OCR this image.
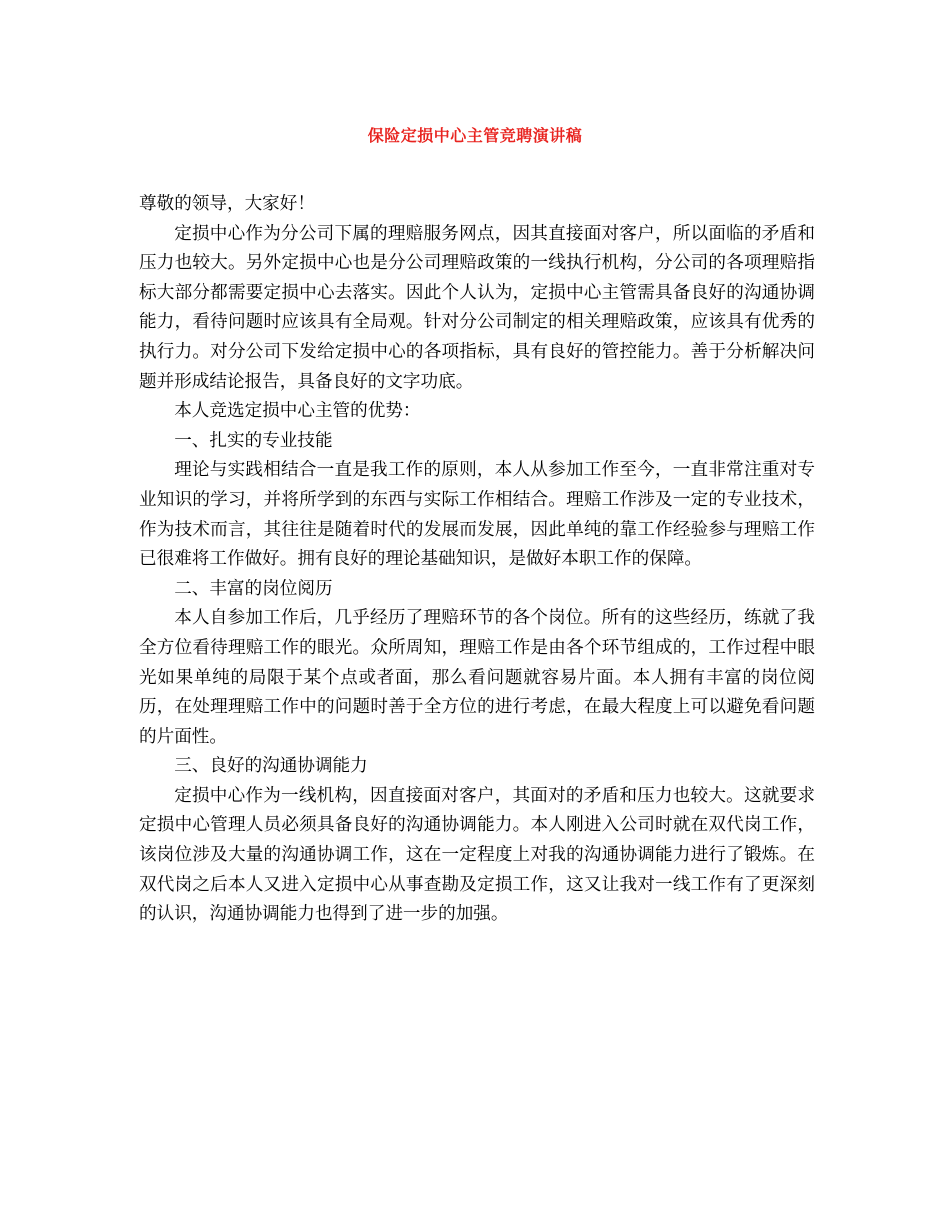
保险定损中心主管竞聘演讲稿

尊敬的领导，大家好！

定损中心作为分公司下属的理赔服务网点，因其直接面对客户，所以面临的矛盾和压力也较大。另外定损中心也是分公司理赔政策的一线执行机构，分公司的各项理赔指标大部分都需要定损中心去落实。因此个人认为，定损中心主管需具备良好的沟通协调能力，看待问题时应该具有全局观。针对分公司制定的相关理赔政策，应该具有优秀的执行力。对分公司下发给定损中心的各项指标，具有良好的管控能力。善于分析解决问题并形成结论报告，具备良好的文字功底。

本人竞选定损中心主管的优势：

一、扎实的专业技能

理论与实践相结合一直是我工作的原则，本人从参加工作至今，一直非常注重对专业知识的学习，并将所学到的东西与实际工作相结合。理赔工作涉及一定的专业技术，作为技术而言，其往往是随着时代的发展而发展，因此单纯的靠工作经验参与理赔工作已很难将工作做好。拥有良好的理论基础知识，是做好本职工作的保障。

二、丰富的岗位阅历

本人自参加工作后，几乎经历了理赔环节的各个岗位。所有的这些经历，练就了我全方位看待理赔工作的眼光。众所周知，理赔工作是由各个环节组成的，工作过程中眼光如果单纯的局限于某个点或者面，那么看问题就容易片面。本人拥有丰富的岗位阅历，在处理理赔工作中的问题时善于全方位的进行考虑，在最大程度上可以避免看问题的片面性。

三、良好的沟通协调能力

定损中心作为一线机构，因直接面对客户，其面对的矛盾和压力也较大。这就要求定损中心管理人员必须具备良好的沟通协调能力。本人刚进入公司时就在双代岗工作，该岗位涉及大量的沟通协调工作，这在一定程度上对我的沟通协调能力进行了锻炼。在双代岗之后本人又进入定损中心从事查勘及定损工作，这又让我对一线工作有了更深刻的认识，沟通协调能力也得到了进一步的加强。
